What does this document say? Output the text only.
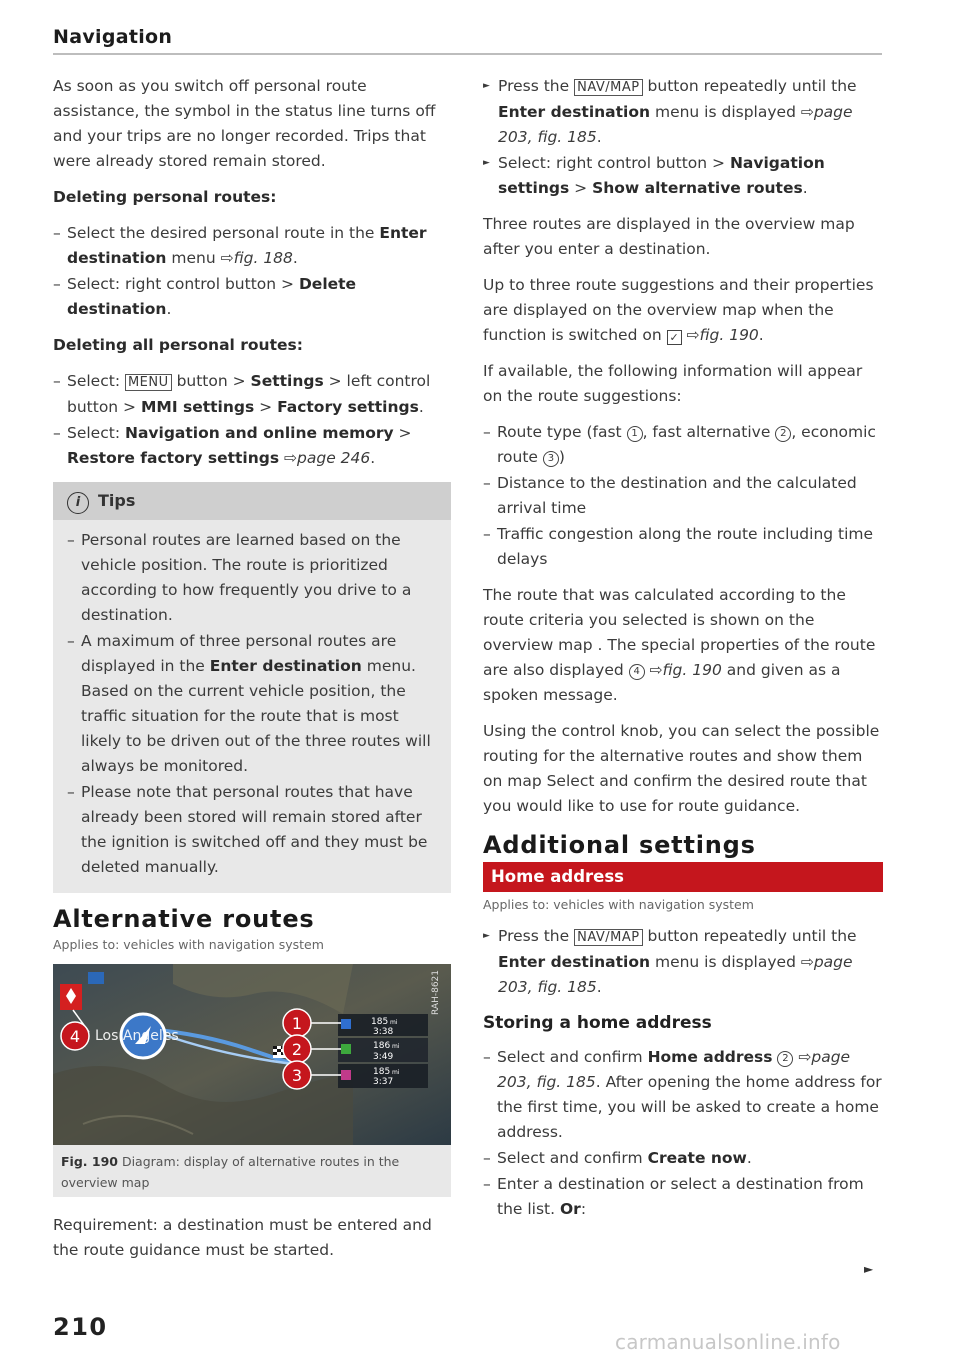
Navigation

As soon as you switch off personal route assistance, the symbol in the status line turns off and your trips are no longer recorded. Trips that were already stored remain stored.

Deleting personal routes:
– Select the desired personal route in the Enter destination menu ⇨fig. 188.
– Select: right control button > Delete destination.
Deleting all personal routes:
– Select: MENU button > Settings > left control button > MMI settings > Factory settings.
– Select: Navigation and online memory > Restore factory settings ⇨page 246.
i Tips
– Personal routes are learned based on the vehicle position. The route is prioritized according to how frequently you drive to a destination.
– A maximum of three personal routes are displayed in the Enter destination menu. Based on the current vehicle position, the traffic situation for the route that is most likely to be driven out of the three routes will always be monitored.
– Please note that personal routes that have already been stored will remain stored after the ignition is switched off and they must be deleted manually.
Alternative routes
Applies to: vehicles with navigation system
185 mi
3:38
186 mi
3:49
185 mi
3:37
1
2
3
4 Los Angeles
RAH-8621
Fig. 190 Diagram: display of alternative routes in the overview map

Requirement: a destination must be entered and the route guidance must be started.

► Press the NAV/MAP button repeatedly until the Enter destination menu is displayed ⇨page 203, fig. 185.
► Select: right control button > Navigation settings > Show alternative routes.

Three routes are displayed in the overview map after you enter a destination.

Up to three route suggestions and their properties are displayed on the overview map when the function is switched on ✓ ⇨fig. 190.

If available, the following information will appear on the route suggestions:

– Route type (fast 1 , fast alternative 2 , economic route 3 )
– Distance to the destination and the calculated arrival time
– Traffic congestion along the route including time delays

The route that was calculated according to the route criteria you selected is shown on the overview map . The special properties of the route are also displayed 4 ⇨fig. 190 and given as a spoken message.

Using the control knob, you can select the possible routing for the alternative routes and show them on map Select and confirm the desired route that you would like to use for route guidance.

Additional settings
Home address
Applies to: vehicles with navigation system
► Press the NAV/MAP button repeatedly until the Enter destination menu is displayed ⇨page 203, fig. 185.
Storing a home address
– Select and confirm Home address 2 ⇨page 203, fig. 185. After opening the home address for the first time, you will be asked to create a home address.
– Select and confirm Create now.
– Enter a destination or select a destination from the list. Or:
►
210
carmanualsonline.info
